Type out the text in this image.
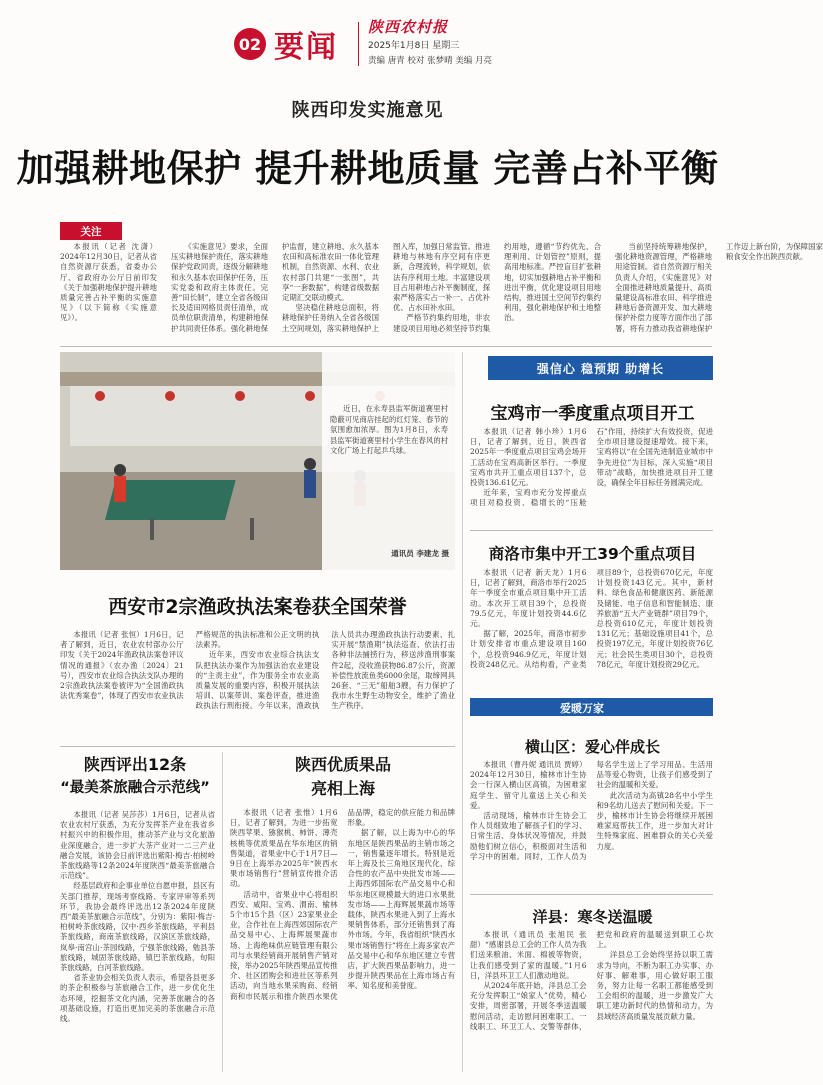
02 要闻
陕西农村报
2025年1月8日 星期三
责编 唐青 校对 张梦晴 美编 月亮
陕西印发实施意见
加强耕地保护 提升耕地质量 完善占补平衡
关注

本报讯（记者 沈潇）2024年12月30日，记者从省自然资源厅获悉，省委办公厅、省政府办公厅日前印发《关于加强耕地保护提升耕地质量完善占补平衡的实施意见》（以下简称《实施意见》）。

《实施意见》要求，全面压实耕地保护责任，落实耕地保护党政同责，逐级分解耕地和永久基本农田保护任务，压实党委和政府主体责任。完善“田长制”，建立全省各级田长及适田网格员责任清单，成员单位职责清单，构建耕地保护共同责任体系。强化耕地保护监督，建立耕地、永久基本农田和高标准农田一体化管理机制，自然资源、水利、农业农村部门共建“一张图”，共享“一套数据”，构建省级数据定期汇交联动模式。

坚决稳住耕地总面积，将耕地保护任务纳入全省各级国土空间规划，落实耕地保护上图入库，加强日常监管。推进耕地与林地有序空间有序更新，合理流转，科学规划，依法有序利用土地。丰富建设项目占用耕地占补平衡制度，探索严格落实占一补一、占优补优、占水田补水田。

严格节约集约用地，非农建设项目用地必须坚持节约集约用地，遵循“节约优先、合理利用、计划管控”原则，提高用地标准。严控盲目扩张耕地，切实加强耕地占补平衡和进出平衡，优化建设项目用地结构，推进国土空间节约集约利用，强化耕地保护和土地整治。

当前坚持统筹耕地保护，强化耕地资源管理，严格耕地用途管制。省自然资源厅相关负责人介绍，《实施意见》对全面推进耕地质量提升、高质量建设高标准农田、科学推进耕地后备资源开发、加大耕地保护补偿力度等方面作出了部署，将有力推动我省耕地保护工作迈上新台阶，为保障国家粮食安全作出陕西贡献。

近日，在永寿县监军街道赛里村隐蔽可见商店挂起的红灯笼、春节的氛围愈加浓厚。图为1月8日，永寿县监军街道赛里村小学生在春风的村文化广场上打起乒乓球。
通讯员 李建龙 摄
强信心 稳预期 助增长
宝鸡市一季度重点项目开工

本报讯（记者 韩小珍）1月6日，记者了解到，近日，陕西省2025年一季度重点项目宝鸡会场开工活动在宝鸡高新区举行。一季度宝鸡市共开工重点项目137个，总投资136.61亿元。

近年来，宝鸡市充分发挥重点项目对稳投资、稳增长的“压舱石”作用，持续扩大有效投资，促进全市项目建设提速增效。接下来，宝鸡将以“在全国先进制造业城市中争先进位”为目标，深入实施“项目带动”战略，加快推进项目开工建设，确保全年目标任务圆满完成。

商洛市集中开工39个重点项目

本报讯（记者 新天龙）1月6日，记者了解到，商洛市举行2025年一季度全市重点项目集中开工活动。本次开工项目39个，总投资79.5亿元，年度计划投资44.6亿元。

据了解，2025年，商洛市初步计划安排省市重点建设项目160个，总投资946.9亿元，年度计划投资248亿元。从结构看，产业类项目89个，总投资670亿元，年度计划投资143亿元。其中，新材料、绿色食品和健康医药、新能源及储能、电子信息和智能制造、康养旅游“五大产业链群”项目79个，总投资610亿元，年度计划投资131亿元；基础设施项目41个，总投资197亿元，年度计划投资76亿元；社会民生类项目30个，总投资78亿元，年度计划投资29亿元。

西安市2宗渔政执法案卷获全国荣誉

本报讯（记者 张恒）1月6日，记者了解到，近日，农业农村部办公厅印发《关于2024年渔政执法案卷评议情况的通报》（农办渔〔2024〕21号），西安市农业综合执法支队办理的2宗渔政执法案卷被评为“全国渔政执法优秀案卷”，体现了西安市农业执法严格规范的执法标准和公正文明的执法素养。

近年来，西安市农业综合执法支队把执法办案作为加强法治农业建设的“主责主业”，作为服务全市农业高质量发展的重要内容，积极开展执法培训、以案带训、案卷评查，推进渔政执法行刑衔接。今年以来，渔政执法人员共办理渔政执法行动要素、扎实开展“禁渔期”执法巡查、依法打击各种非法捕捞行为，移送涉渔刑事案件2起，没收渔获物86.87公斤，资源补偿性放流鱼类6000余尾，取缔网具26套、“三无”船舶3艘，有力保护了我市水生野生动物安全，维护了渔业生产秩序。

陕西评出12条
“最美茶旅融合示范线”

本报讯（记者 吴莎莎）1月6日，记者从省农业农村厅获悉，为充分发挥茶产业在我省乡村振兴中的积极作用，推动茶产业与文化旅游业深度融合，进一步扩大茶产业对一二三产业融合发展，该协会日前评选出紫阳·梅吉·柏树岭茶旅线路等12条2024年度陕西“最美茶旅融合示范线”。

经基层政府和企事业单位自愿申报，县区有关部门推荐，现场考察线路、专家评审等系列环节，我协会最终评选出12条2024年度陕西“最美茶旅融合示范线”，分别为：紫阳·梅吉·柏树岭茶旅线路，汉中·西乡茶旅线路，平利县茶旅线路，商南茶旅线路，汉滨区茶旅线路，岚皋·南宫山·茶园线路，宁强茶旅线路，勉县茶旅线路，城固茶旅线路，镇巴茶旅线路，旬阳茶旅线路，白河茶旅线路。

省茶业协会相关负责人表示，希望各县更多的茶企积极参与茶旅融合工作，进一步优化生态环境，挖掘茶文化内涵，完善茶旅融合的各项基础设施，打造出更加完美的茶旅融合示范线。

陕西优质果品
亮相上海

本报讯（记者 张惟）1月6日，记者了解到，为进一步拓宽陕西苹果、猕猴桃、柿饼、薄壳核桃等优质果品在华东地区的销售渠道，省果业中心于1月7日—9日在上海举办2025年“陕西水果市场销售行”营销宣传推介活动。

活动中，省果业中心将组织西安、咸阳、宝鸡、渭南、榆林5个市15个县（区）23家果业企业，合作社在上海西郊国际农产品交易中心、上海辉展果蔬市场、上海绝味供应链管理有限公司与水果经销商开展销售产销对接，举办2025年陕西果品宣传推介、社区团购会和进社区等系列活动，向当地水果采购商、经销商和市民展示和推介陕西水果优品品牌，稳定的供应能力和品牌形象。

据了解，以上海为中心的华东地区是陕西果品的主销市场之一，销售量逐年增长。特别是近年上海及长三角地区现代化、综合性的农产品中央批发市场——上海西郊国际农产品交易中心和华东地区规模最大的进口水果批发市场——上海辉展果蔬市场等载体，陕西水果进入到了上海水果销售体系，部分还销售到了海外市场。今年，我省组织“陕西水果市场销售行”将在上海多家农产品交易中心和华东地区建立专营店，扩大陕西果品影响力，进一步提升陕西果品在上海市场占有率、知名度和美誉度。

爱暖万家
横山区：爱心伴成长

本报讯（曹丹妮 通讯员 贾婷）2024年12月30日，榆林市计生协会一行深入横山区高镇，为困难家庭学生、留守儿童送上关心和关爱。

活动现场，榆林市计生协会工作人员细致地了解孩子们的学习、日常生活、身体状况等情况，并鼓励他们树立信心，积极面对生活和学习中的困难。同时，工作人员为每名学生送上了学习用品、生活用品等爱心物资，让孩子们感受到了社会的温暖和关爱。

此次活动为高镇28名中小学生和9名幼儿送去了慰问和关爱。下一步，榆林市计生协会将继续开展困难家庭帮扶工作，进一步加大对计生特殊家庭、困难群众的关心关爱力度。

洋县：寒冬送温暖

本报讯（通讯员 张旭民 张甜）“感谢县总工会的工作人员为我们送来粮油、米面、棉被等物资，让我们感受到了家的温暖。”1月6日，洋县环卫工人们激动地说。

从2024年底开始，洋县总工会充分发挥职工“娘家人”优势，精心安排，周密部署，开展冬季送温暖慰问活动，走访慰问困难职工、一线职工、环卫工人、交警等群体，把党和政府的温暖送到职工心坎上。

洋县总工会始终坚持以职工需求为导向，不断为职工办实事、办好事、解难事，用心做好职工服务，努力让每一名职工都能感受到工会组织的温暖，进一步激发广大职工建功新时代的热情和动力，为县域经济高质量发展贡献力量。
